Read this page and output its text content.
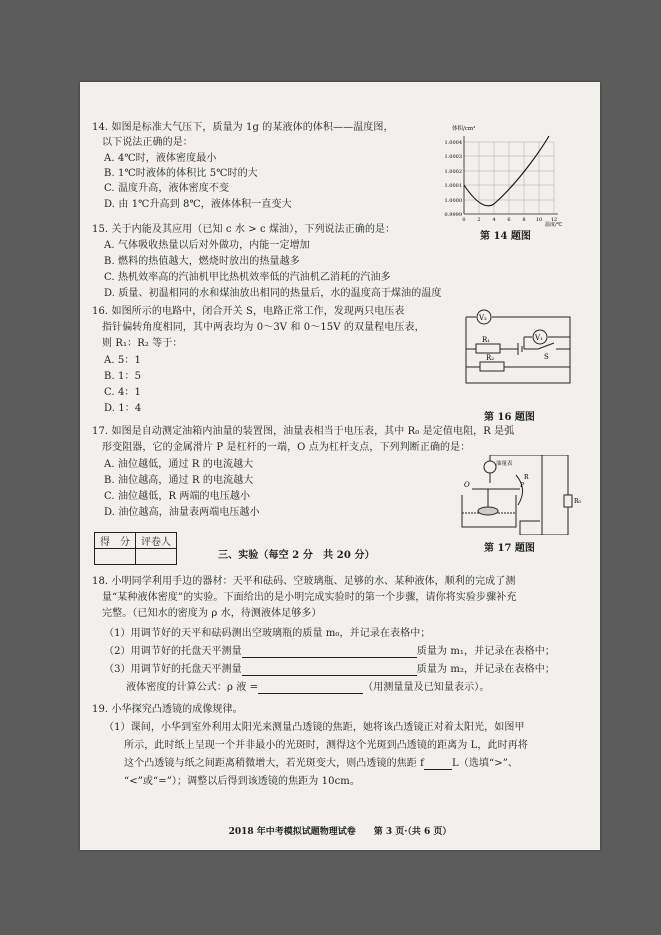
14. 如图是标准大气压下，质量为 1g 的某液体的体积——温度图，
以下说法正确的是：
A. 4℃时，液体密度最小
B. 1℃时液体的体积比 5℃时的大
C. 温度升高，液体密度不变
D. 由 1℃升高到 8℃，液体体积一直变大
体积/cm³
1.0004
1.0003
1.0002
1.0001
1.0000
0.9999
0 2 4 6 8 10 12
温度/℃
第 14 题图
15. 关于内能及其应用（已知 c 水 > c 煤油），下列说法正确的是：
A. 气体吸收热量以后对外做功，内能一定增加
B. 燃料的热值越大，燃烧时放出的热量越多
C. 热机效率高的汽油机甲比热机效率低的汽油机乙消耗的汽油多
D. 质量、初温相同的水和煤油放出相同的热量后，水的温度高于煤油的温度
16. 如图所示的电路中，闭合开关 S，电路正常工作，发现两只电压表
指针偏转角度相同，其中两表均为 0～3V 和 0～15V 的双量程电压表，
则 R₁：R₂ 等于：
A. 5：1
B. 1：5
C. 4：1
D. 1：4
V₂
V₁
R₁
R₂	S
第 16 题图
17. 如图是自动测定油箱内油量的装置图，油量表相当于电压表，其中 R₀ 是定值电阻，R 是弧
形变阻器，它的金属滑片 P 是杠杆的一端，O 点为杠杆支点，下列判断正确的是：
A. 油位越低，通过 R 的电流越大
B. 油位越高，通过 R 的电流越大
C. 油位越低，R 两端的电压越小
D. 油位越高，油量表两端电压越小
油量表
O	P
R
R₀
第 17 题图
得　分	评卷人

三、实验（每空 2 分　共 20 分）
18. 小明同学利用手边的器材：天平和砝码、空玻璃瓶、足够的水、某种液体，顺利的完成了测
量“某种液体密度”的实验。下面给出的是小明完成实验时的第一个步骤，请你将实验步骤补充
完整。（已知水的密度为 ρ 水，待测液体足够多）
（1）用调节好的天平和砝码测出空玻璃瓶的质量 m₀，并记录在表格中；
（2）用调节好的托盘天平测量	质量为 m₁，并记录在表格中；
（3）用调节好的托盘天平测量	质量为 m₂，并记录在表格中；
液体密度的计算公式：ρ 液 =	（用测量量及已知量表示）。
19. 小华探究凸透镜的成像规律。
（1）课间，小华到室外利用太阳光来测量凸透镜的焦距，她将该凸透镜正对着太阳光，如图甲
所示，此时纸上呈现一个并非最小的光斑时，测得这个光斑到凸透镜的距离为 L，此时再将
这个凸透镜与纸之间距离稍微增大，若光斑变大，则凸透镜的焦距 f	L（选填“>”、
“<”或“=”）；调整以后得到该透镜的焦距为 10cm。
2018 年中考模拟试题物理试卷　　第 3 页·（共 6 页）
